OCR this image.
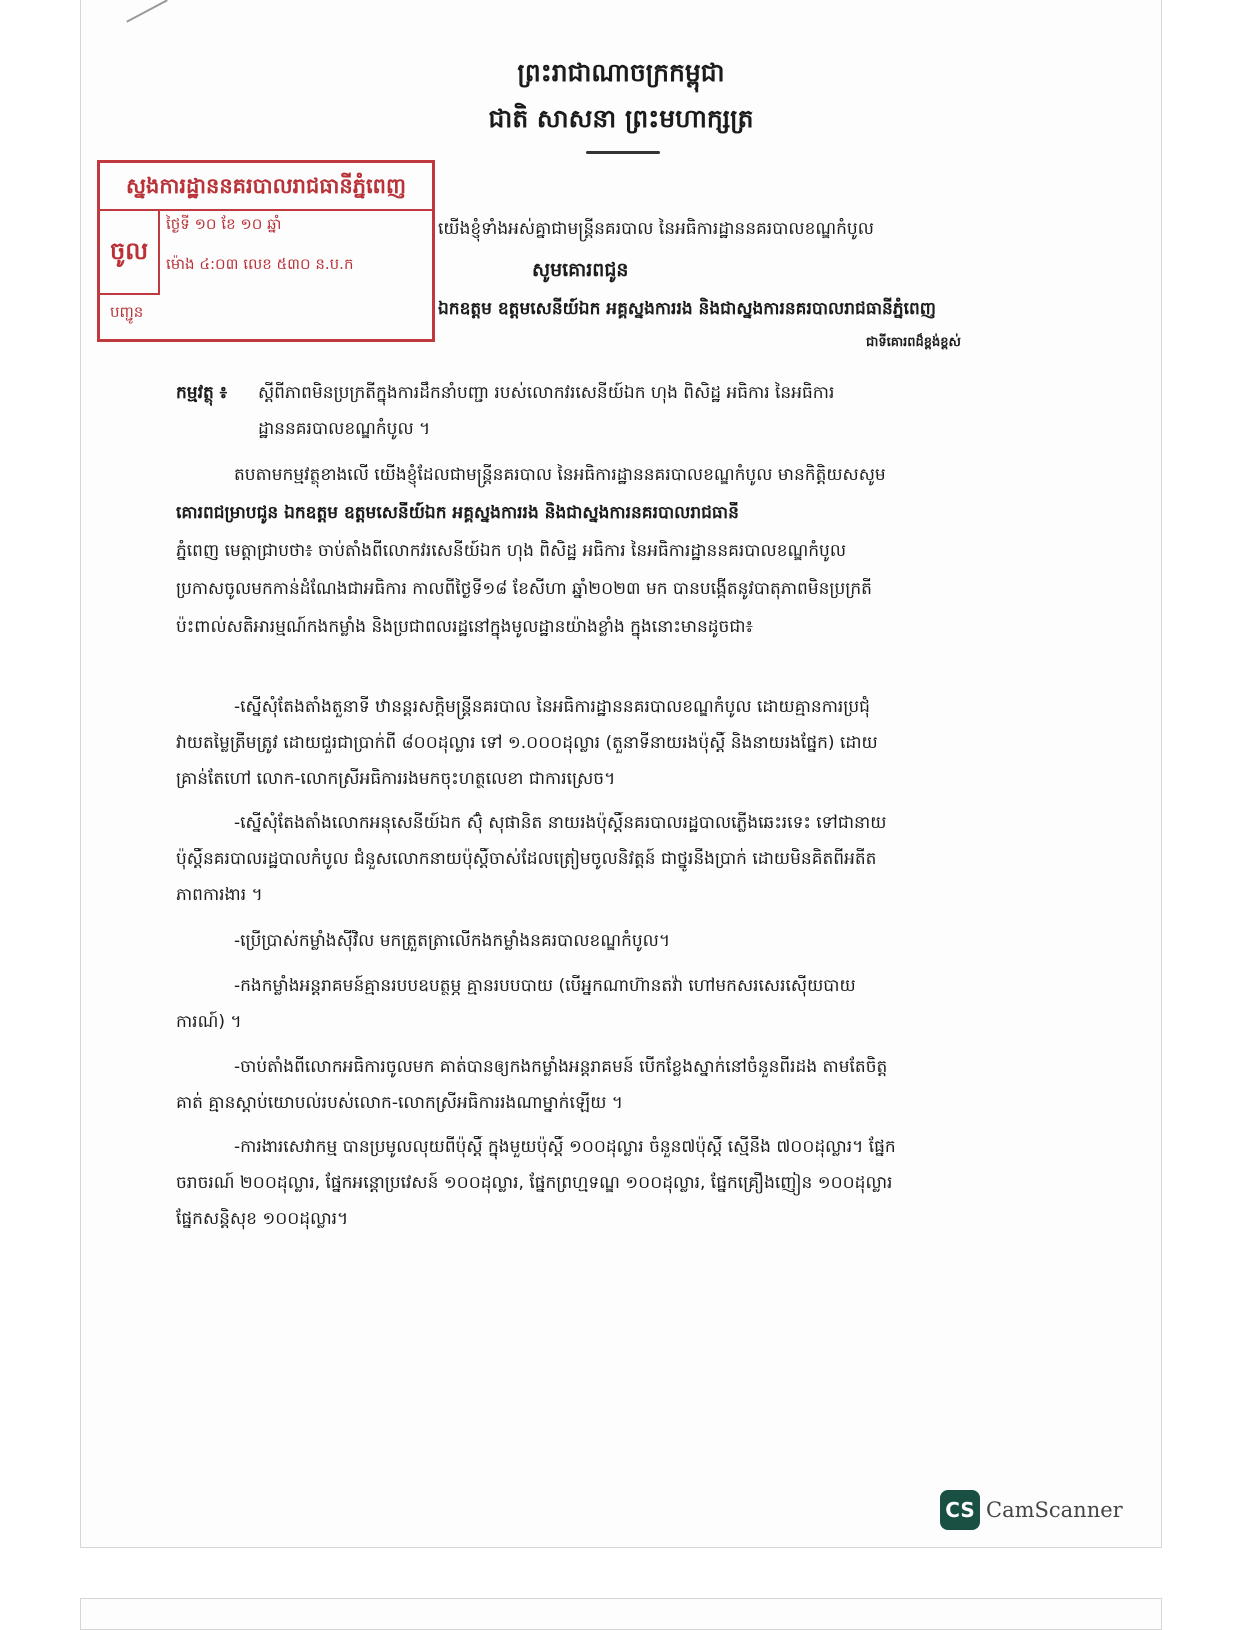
ព្រះរាជាណាចក្រកម្ពុជា
ជាតិ សាសនា ព្រះមហាក្សត្រ
ស្នងការដ្ឋាននគរបាលរាជធានីភ្នំពេញ
ចូល
ថ្ងៃទី ១០ ខែ ១០ ឆ្នាំ
ម៉ោង ៤:០៣ លេខ ៥៣០ ន.ប.ក
បញ្ជូន
យើងខ្ញុំទាំងអស់គ្នាជាមន្ត្រីនគរបាល នៃអធិការដ្ឋាននគរបាលខណ្ឌកំបូល
សូមគោរពជូន
ឯកឧត្តម ឧត្តមសេនីយ៍ឯក អគ្គស្នងការរង និងជាស្នងការនគរបាលរាជធានីភ្នំពេញ
ជាទីគោរពដ៏ខ្ពង់ខ្ពស់
កម្មវត្ថុ ៖ ស្តីពីភាពមិនប្រក្រតីក្នុងការដឹកនាំបញ្ជា របស់លោកវរសេនីយ៍ឯក ហុង ពិសិដ្ឋ អធិការ នៃអធិការ
ដ្ឋាននគរបាលខណ្ឌកំបូល ។
តបតាមកម្មវត្ថុខាងលើ យើងខ្ញុំដែលជាមន្ត្រីនគរបាល នៃអធិការដ្ឋាននគរបាលខណ្ឌកំបូល មានកិត្តិយសសូម
គោរពជម្រាបជូន ឯកឧត្តម ឧត្តមសេនីយ៍ឯក អគ្គស្នងការរង និងជាស្នងការនគរបាលរាជធានី
ភ្នំពេញ មេត្តាជ្រាបថា៖ ចាប់តាំងពីលោកវរសេនីយ៍ឯក ហុង ពិសិដ្ឋ អធិការ នៃអធិការដ្ឋាននគរបាលខណ្ឌកំបូល
ប្រកាសចូលមកកាន់ដំណែងជាអធិការ កាលពីថ្ងៃទី១៨ ខែសីហា ឆ្នាំ២០២៣ មក បានបង្កើតនូវបាតុភាពមិនប្រក្រតី
ប៉ះពាល់សតិអារម្មណ៍កងកម្លាំង និងប្រជាពលរដ្ឋនៅក្នុងមូលដ្ឋានយ៉ាងខ្លាំង ក្នុងនោះមានដូចជា៖
-ស្នើសុំតែងតាំងតួនាទី ឋានន្តរសក្តិមន្ត្រីនគរបាល នៃអធិការដ្ឋាននគរបាលខណ្ឌកំបូល ដោយគ្មានការប្រជុំ
វាយតម្លៃត្រឹមត្រូវ ដោយជួរជាប្រាក់ពី ៨០០ដុល្លារ ទៅ ១.០០០ដុល្លារ (តួនាទីនាយរងប៉ុស្តិ៍ និងនាយរងផ្នែក) ដោយ
គ្រាន់តែហៅ លោក-លោកស្រីអធិការរងមកចុះហត្ថលេខា ជាការស្រេច។
-ស្នើសុំតែងតាំងលោកអនុសេនីយ៍ឯក ស៊ុំ សុផានិត នាយរងប៉ុស្តិ៍នគរបាលរដ្ឋបាលភ្លើងឆេះរទេះ ទៅជានាយ
ប៉ុស្តិ៍នគរបាលរដ្ឋបាលកំបូល ជំនួសលោកនាយប៉ុស្តិ៍ចាស់ដែលត្រៀមចូលនិវត្តន៍ ជាថ្នូរនឹងប្រាក់ ដោយមិនគិតពីអតីត
ភាពការងារ ។
-ប្រើប្រាស់កម្លាំងស៊ីវិល មកត្រួតត្រាលើកងកម្លាំងនគរបាលខណ្ឌកំបូល។
-កងកម្លាំងអន្តរាគមន៍គ្មានរបបឧបត្ថម្ភ គ្មានរបបបាយ (បើអ្នកណាហ៊ានតវ៉ា ហៅមកសរសេរស៊ើយបាយ
ការណ៍) ។
-ចាប់តាំងពីលោកអធិការចូលមក គាត់បានឲ្យកងកម្លាំងអន្តរាគមន៍ បើកខ្លែងស្នាក់នៅចំនួនពីរដង តាមតែចិត្ត
គាត់ គ្មានស្តាប់យោបល់របស់លោក-លោកស្រីអធិការរងណាម្នាក់ឡើយ ។
-ការងារសេវាកម្ម បានប្រមូលលុយពីប៉ុស្តិ៍ ក្នុងមួយប៉ុស្តិ៍ ១០០ដុល្លារ ចំនួន៧ប៉ុស្តិ៍ ស្មើនឹង ៧០០ដុល្លារ។ ផ្នែក
ចរាចរណ៍ ២០០ដុល្លារ, ផ្នែកអន្តោប្រវេសន៍ ១០០ដុល្លារ, ផ្នែកព្រហ្មទណ្ឌ ១០០ដុល្លារ, ផ្នែកគ្រឿងញៀន ១០០ដុល្លារ
ផ្នែកសន្តិសុខ ១០០ដុល្លារ។
CS CamScanner
